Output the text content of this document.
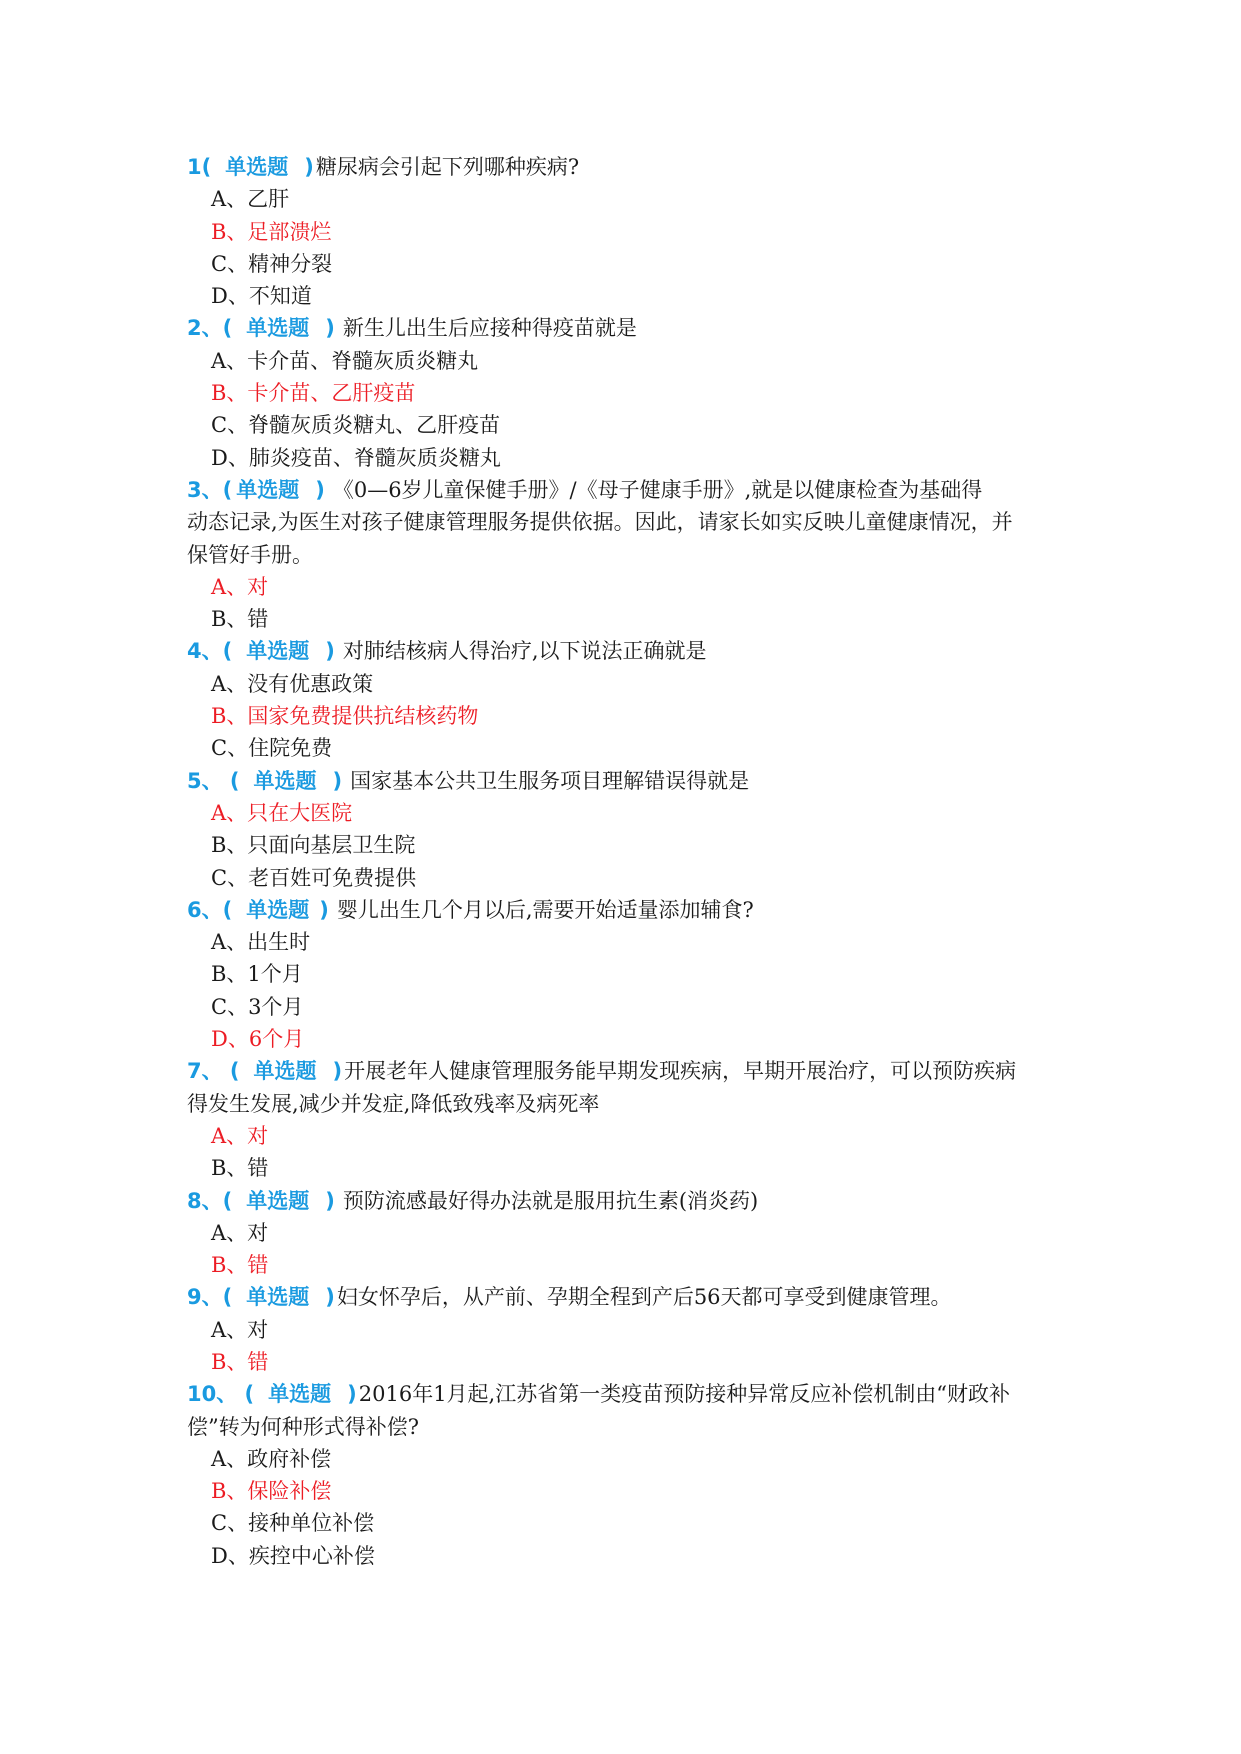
1( 单选题 )糖尿病会引起下列哪种疾病?
A、乙肝
B、足部溃烂
C、精神分裂
D、不知道
2、( 单选题 ) 新生儿出生后应接种得疫苗就是
A、卡介苗、脊髓灰质炎糖丸
B、卡介苗、乙肝疫苗
C、脊髓灰质炎糖丸、乙肝疫苗
D、肺炎疫苗、脊髓灰质炎糖丸
3、( 单选题 ) 《0—6岁儿童保健手册》/《母子健康手册》,就是以健康检查为基础得
动态记录,为医生对孩子健康管理服务提供依据。因此，请家长如实反映儿童健康情况，并
保管好手册。
A、对
B、错
4、( 单选题 ) 对肺结核病人得治疗,以下说法正确就是
A、没有优惠政策
B、国家免费提供抗结核药物
C、住院免费
5、 ( 单选题 ) 国家基本公共卫生服务项目理解错误得就是
A、只在大医院
B、只面向基层卫生院
C、老百姓可免费提供
6、( 单选题 ) 婴儿出生几个月以后,需要开始适量添加辅食?
A、出生时
B、1个月
C、3个月
D、6个月
7、 ( 单选题 )开展老年人健康管理服务能早期发现疾病，早期开展治疗，可以预防疾病
得发生发展,减少并发症,降低致残率及病死率
A、对
B、错
8、( 单选题 ) 预防流感最好得办法就是服用抗生素(消炎药)
A、对
B、错
9、( 单选题 )妇女怀孕后，从产前、孕期全程到产后56天都可享受到健康管理。
A、对
B、错
10、 ( 单选题 )2016年1月起,江苏省第一类疫苗预防接种异常反应补偿机制由“财政补
偿”转为何种形式得补偿?
A、政府补偿
B、保险补偿
C、接种单位补偿
D、疾控中心补偿
